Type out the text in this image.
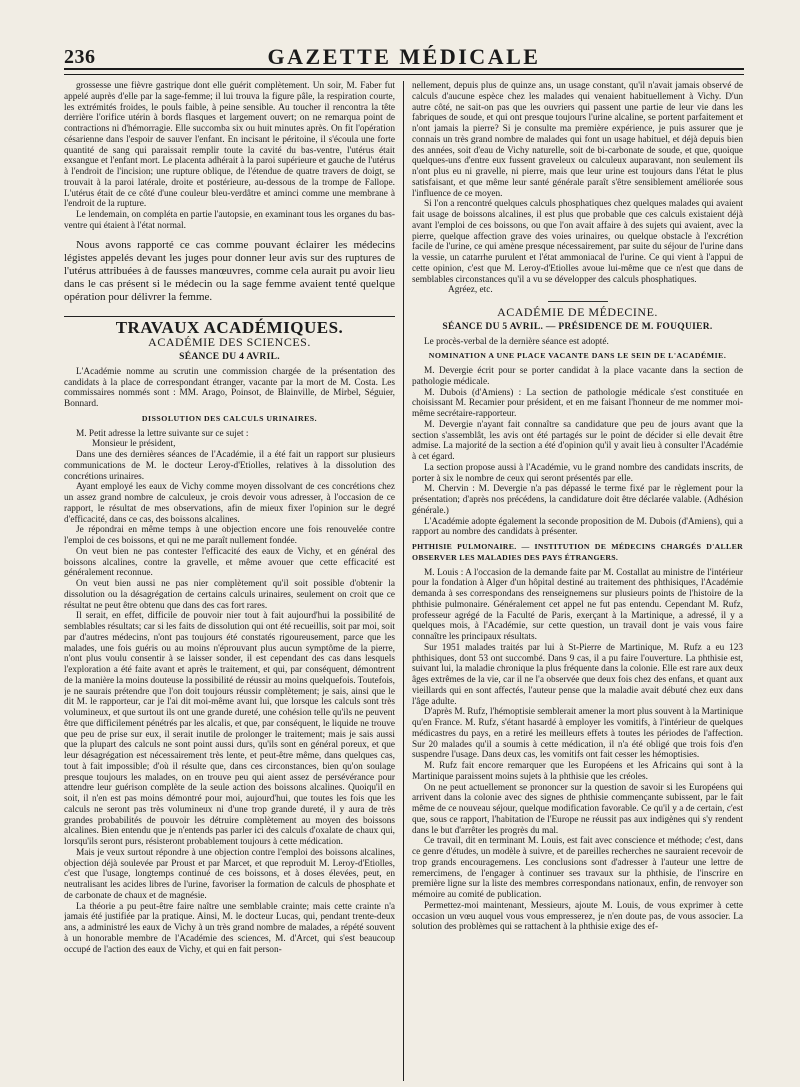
236	GAZETTE MÉDICALE

grossesse une fièvre gastrique dont elle guérit complètement. Un soir, M. Faber fut appelé auprès d'elle par la sage-femme; il lui trouva la figure pâle, la respiration courte, les extrémités froides, le pouls faible, à peine sensible. Au toucher il rencontra la tête derrière l'orifice utérin à bords flasques et largement ouvert; on ne remarqua point de contractions ni d'hémorragie. Elle succomba six ou huit minutes après. On fit l'opération césarienne dans l'espoir de sauver l'enfant. En incisant le péritoine, il s'écoula une forte quantité de sang qui paraissait remplir toute la cavité du bas-ventre, l'utérus était exsangue et l'enfant mort. Le placenta adhérait à la paroi supérieure et gauche de l'utérus à l'endroit de l'incision; une rupture oblique, de l'étendue de quatre travers de doigt, se trouvait à la paroi latérale, droite et postérieure, au-dessous de la trompe de Fallope. L'utérus était de ce côté d'une couleur bleu-verdâtre et aminci comme une membrane à l'endroit de la rupture.

Le lendemain, on compléta en partie l'autopsie, en examinant tous les organes du bas-ventre qui étaient à l'état normal.

Nous avons rapporté ce cas comme pouvant éclairer les médecins légistes appelés devant les juges pour donner leur avis sur des ruptures de l'utérus attribuées à de fausses manœuvres, comme cela aurait pu avoir lieu dans le cas présent si le médecin ou la sage femme avaient tenté quelque opération pour délivrer la femme.

TRAVAUX ACADÉMIQUES.
ACADÉMIE DES SCIENCES.
SÉANCE DU 4 AVRIL.

L'Académie nomme au scrutin une commission chargée de la présentation des candidats à la place de correspondant étranger, vacante par la mort de M. Costa. Les commissaires nommés sont : MM. Arago, Poinsot, de Blainville, de Mirbel, Séguier, Bonnard.

DISSOLUTION DES CALCULS URINAIRES.

M. Petit adresse la lettre suivante sur ce sujet :

Monsieur le président,

Dans une des dernières séances de l'Académie, il a été fait un rapport sur plusieurs communications de M. le docteur Leroy-d'Etiolles, relatives à la dissolution des concrétions urinaires.

Ayant employé les eaux de Vichy comme moyen dissolvant de ces concrétions chez un assez grand nombre de calculeux, je crois devoir vous adresser, à l'occasion de ce rapport, le résultat de mes observations, afin de mieux fixer l'opinion sur le degré d'efficacité, dans ce cas, des boissons alcalines.

Je répondrai en même temps à une objection encore une fois renouvelée contre l'emploi de ces boissons, et qui ne me paraît nullement fondée.

On veut bien ne pas contester l'efficacité des eaux de Vichy, et en général des boissons alcalines, contre la gravelle, et même avouer que cette efficacité est généralement reconnue.

On veut bien aussi ne pas nier complètement qu'il soit possible d'obtenir la dissolution ou la désagrégation de certains calculs urinaires, seulement on croit que ce résultat ne peut être obtenu que dans des cas fort rares.

Il serait, en effet, difficile de pouvoir nier tout à fait aujourd'hui la possibilité de semblables résultats; car si les faits de dissolution qui ont été recueillis, soit par moi, soit par d'autres médecins, n'ont pas toujours été constatés rigoureusement, parce que les malades, une fois guéris ou au moins n'éprouvant plus aucun symptôme de la pierre, n'ont plus voulu consentir à se laisser sonder, il est cependant des cas dans lesquels l'exploration a été faite avant et après le traitement, et qui, par conséquent, démontrent de la manière la moins douteuse la possibilité de réussir au moins quelquefois. Toutefois, je ne saurais prétendre que l'on doit toujours réussir complètement; je sais, ainsi que le dit M. le rapporteur, car je l'ai dit moi-même avant lui, que lorsque les calculs sont très volumineux, et que surtout ils ont une grande dureté, une cohésion telle qu'ils ne peuvent être que difficilement pénétrés par les alcalis, et que, par conséquent, le liquide ne trouve que peu de prise sur eux, il serait inutile de prolonger le traitement; mais je sais aussi que la plupart des calculs ne sont point aussi durs, qu'ils sont en général poreux, et que leur désagrégation est nécessairement très lente, et peut-être même, dans quelques cas, tout à fait impossible; d'où il résulte que, dans ces circonstances, bien qu'on soulage presque toujours les malades, on en trouve peu qui aient assez de persévérance pour attendre leur guérison complète de la seule action des boissons alcalines. Quoiqu'il en soit, il n'en est pas moins démontré pour moi, aujourd'hui, que toutes les fois que les calculs ne seront pas très volumineux ni d'une trop grande dureté, il y aura de très grandes probabilités de pouvoir les détruire complètement au moyen des boissons alcalines. Bien entendu que je n'entends pas parler ici des calculs d'oxalate de chaux qui, lorsqu'ils seront purs, résisteront probablement toujours à cette médication.

Mais je veux surtout répondre à une objection contre l'emploi des boissons alcalines, objection déjà soulevée par Proust et par Marcet, et que reproduit M. Leroy-d'Etiolles, c'est que l'usage, longtemps continué de ces boissons, et à doses élevées, peut, en neutralisant les acides libres de l'urine, favoriser la formation de calculs de phosphate et de carbonate de chaux et de magnésie.

La théorie a pu peut-être faire naître une semblable crainte; mais cette crainte n'a jamais été justifiée par la pratique. Ainsi, M. le docteur Lucas, qui, pendant trente-deux ans, a administré les eaux de Vichy à un très grand nombre de malades, a répété souvent à un honorable membre de l'Académie des sciences, M. d'Arcet, qui s'est beaucoup occupé de l'action des eaux de Vichy, et qui en fait person-

nellement, depuis plus de quinze ans, un usage constant, qu'il n'avait jamais observé de calculs d'aucune espèce chez les malades qui venaient habituellement à Vichy. D'un autre côté, ne sait-on pas que les ouvriers qui passent une partie de leur vie dans les fabriques de soude, et qui ont presque toujours l'urine alcaline, se portent parfaitement et n'ont jamais la pierre? Si je consulte ma première expérience, je puis assurer que je connais un très grand nombre de malades qui font un usage habituel, et déjà depuis bien des années, soit d'eau de Vichy naturelle, soit de bi-carbonate de soude, et que, quoique quelques-uns d'entre eux fussent graveleux ou calculeux auparavant, non seulement ils n'ont plus eu ni gravelle, ni pierre, mais que leur urine est toujours dans l'état le plus satisfaisant, et que même leur santé générale paraît s'être sensiblement améliorée sous l'influence de ce moyen.

Si l'on a rencontré quelques calculs phosphatiques chez quelques malades qui avaient fait usage de boissons alcalines, il est plus que probable que ces calculs existaient déjà avant l'emploi de ces boissons, ou que l'on avait affaire à des sujets qui avaient, avec la pierre, quelque affection grave des voies urinaires, ou quelque obstacle à l'excrétion facile de l'urine, ce qui amène presque nécessairement, par suite du séjour de l'urine dans la vessie, un catarrhe purulent et l'état ammoniacal de l'urine. Ce qui vient à l'appui de cette opinion, c'est que M. Leroy-d'Etiolles avoue lui-même que ce n'est que dans de semblables circonstances qu'il a vu se développer des calculs phosphatiques.

Agréez, etc.

ACADÉMIE DE MÉDECINE.
SÉANCE DU 5 AVRIL. — PRÉSIDENCE DE M. FOUQUIER.

Le procès-verbal de la dernière séance est adopté.

NOMINATION A UNE PLACE VACANTE DANS LE SEIN DE L'ACADÉMIE.

M. Devergie écrit pour se porter candidat à la place vacante dans la section de pathologie médicale.

M. Dubois (d'Amiens) : La section de pathologie médicale s'est constituée en choisissant M. Recamier pour président, et en me faisant l'honneur de me nommer moi-même secrétaire-rapporteur.

M. Devergie n'ayant fait connaître sa candidature que peu de jours avant que la section s'assemblât, les avis ont été partagés sur le point de décider si elle devait être admise. La majorité de la section a été d'opinion qu'il y avait lieu à consulter l'Académie à cet égard.

La section propose aussi à l'Académie, vu le grand nombre des candidats inscrits, de porter à six le nombre de ceux qui seront présentés par elle.

M. Chervin : M. Devergie n'a pas dépassé le terme fixé par le règlement pour la présentation; d'après nos précédens, la candidature doit être déclarée valable. (Adhésion générale.)

L'Académie adopte également la seconde proposition de M. Dubois (d'Amiens), qui a rapport au nombre des candidats à présenter.

PHTHISIE PULMONAIRE. — INSTITUTION DE MÉDECINS CHARGÉS D'ALLER OBSERVER LES MALADIES DES PAYS ÉTRANGERS.

M. Louis : A l'occasion de la demande faite par M. Costallat au ministre de l'intérieur pour la fondation à Alger d'un hôpital destiné au traitement des phthisiques, l'Académie demanda à ses correspondans des renseignemens sur plusieurs points de l'histoire de la phthisie pulmonaire. Généralement cet appel ne fut pas entendu. Cependant M. Rufz, professeur agrégé de la Faculté de Paris, exerçant à la Martinique, a adressé, il y a quelques mois, à l'Académie, sur cette question, un travail dont je vais vous faire connaître les principaux résultats.

Sur 1951 malades traités par lui à St-Pierre de Martinique, M. Rufz a eu 123 phthisiques, dont 53 ont succombé. Dans 9 cas, il a pu faire l'ouverture. La phthisie est, suivant lui, la maladie chronique la plus fréquente dans la colonie. Elle est rare aux deux âges extrêmes de la vie, car il ne l'a observée que deux fois chez des enfans, et quant aux vieillards qui en sont affectés, l'auteur pense que la maladie avait débuté chez eux dans l'âge adulte.

D'après M. Rufz, l'hémoptisie semblerait amener la mort plus souvent à la Martinique qu'en France. M. Rufz, s'étant hasardé à employer les vomitifs, à l'intérieur de quelques médicastres du pays, en a retiré les meilleurs effets à toutes les périodes de l'affection. Sur 20 malades qu'il a soumis à cette médication, il n'a été obligé que trois fois d'en suspendre l'usage. Dans deux cas, les vomitifs ont fait cesser les hémoptisies.

M. Rufz fait encore remarquer que les Européens et les Africains qui sont à la Martinique paraissent moins sujets à la phthisie que les créoles.

On ne peut actuellement se prononcer sur la question de savoir si les Européens qui arrivent dans la colonie avec des signes de phthisie commençante subissent, par le fait même de ce nouveau séjour, quelque modification favorable. Ce qu'il y a de certain, c'est que, sous ce rapport, l'habitation de l'Europe ne réussit pas aux indigènes qui s'y rendent dans le but d'arrêter les progrès du mal.

Ce travail, dit en terminant M. Louis, est fait avec conscience et méthode; c'est, dans ce genre d'études, un modèle à suivre, et de pareilles recherches ne sauraient recevoir de trop grands encouragemens. Les conclusions sont d'adresser à l'auteur une lettre de remercimens, de l'engager à continuer ses travaux sur la phthisie, de l'inscrire en première ligne sur la liste des membres correspondans nationaux, enfin, de renvoyer son mémoire au comité de publication.

Permettez-moi maintenant, Messieurs, ajoute M. Louis, de vous exprimer à cette occasion un vœu auquel vous vous empresserez, je n'en doute pas, de vous associer. La solution des problèmes qui se rattachent à la phthisie exige des ef-
